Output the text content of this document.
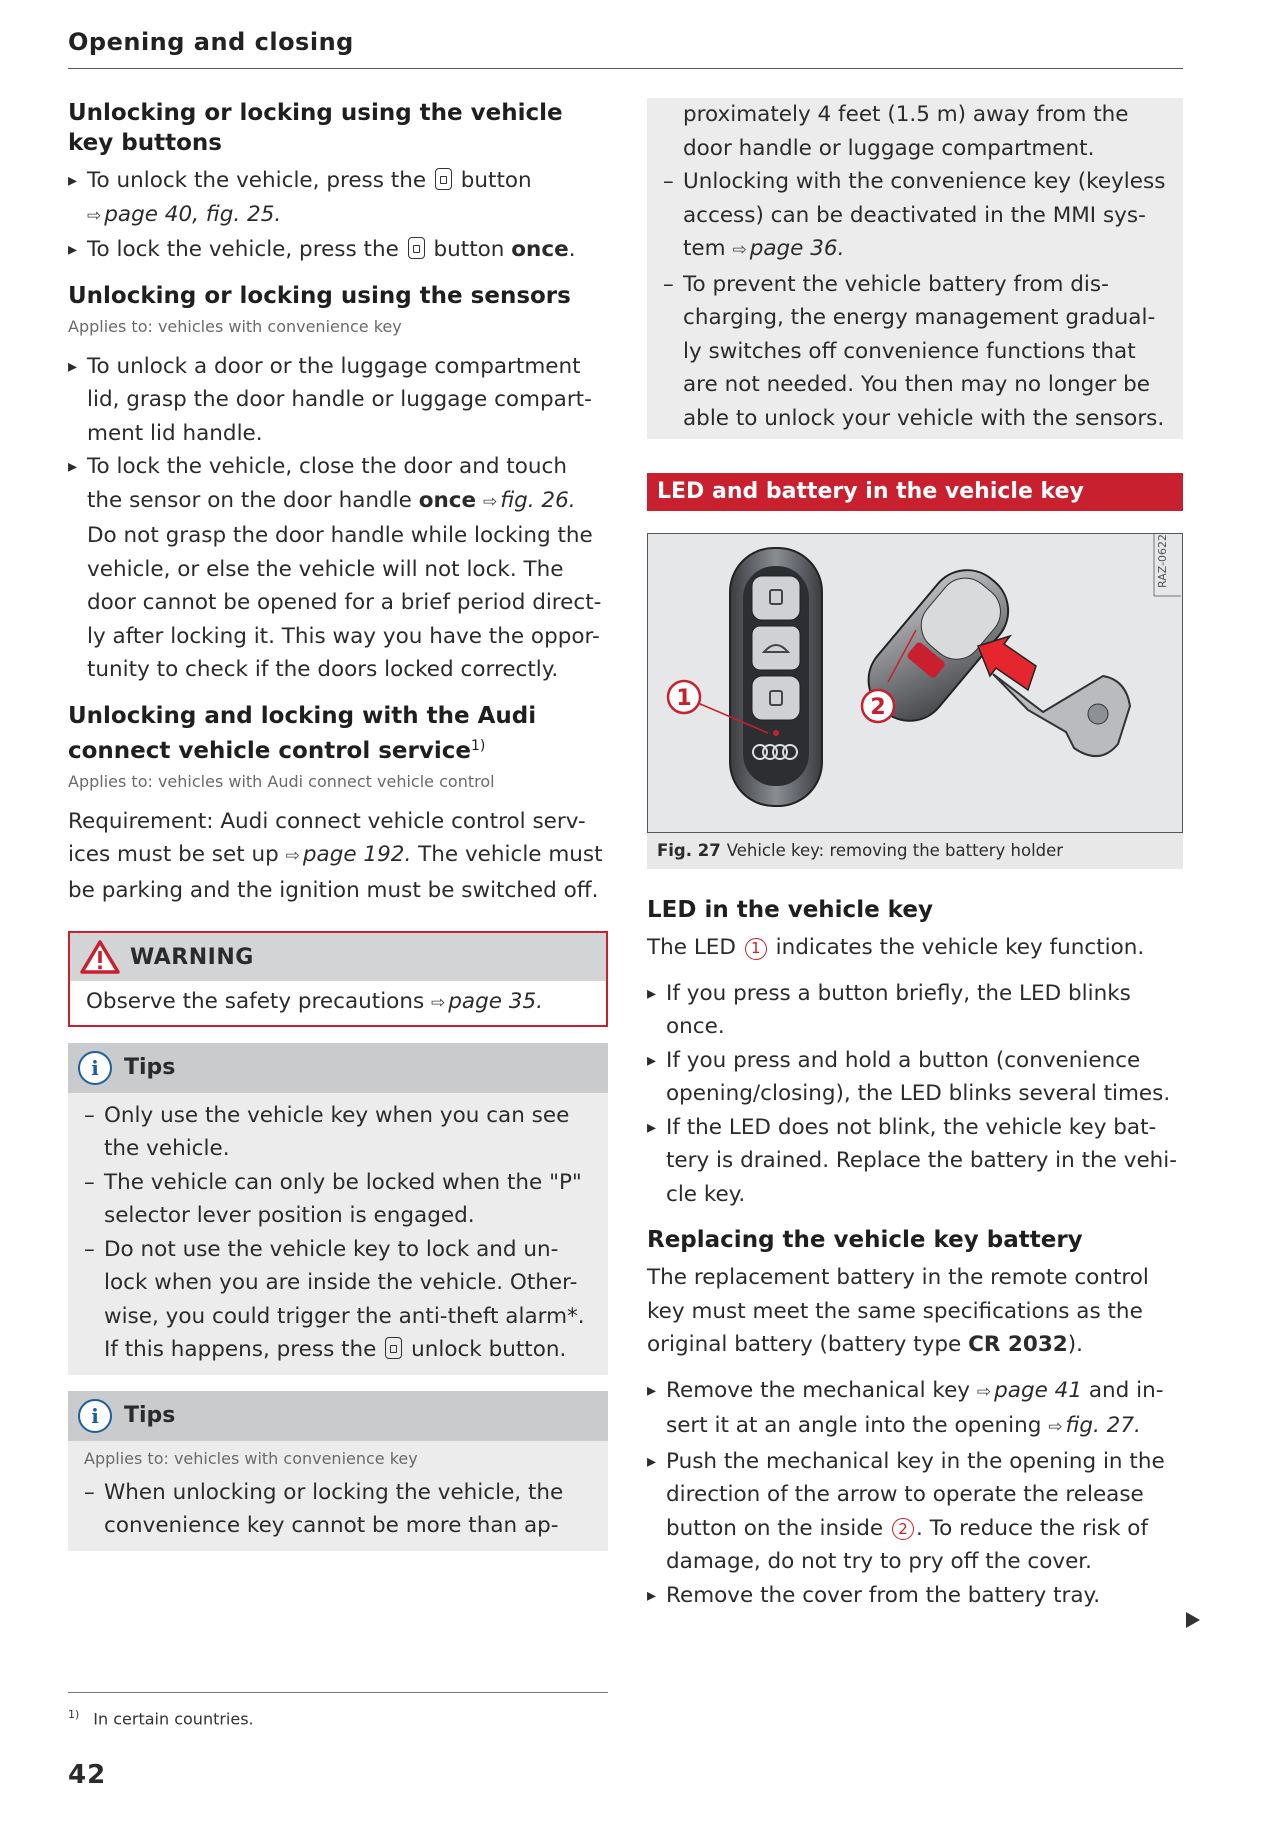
Opening and closing
Unlocking or locking using the vehicle key buttons
▸ To unlock the vehicle, press the button
⇨ page 40, fig. 25.
▸ To lock the vehicle, press the button once.
Unlocking or locking using the sensors
Applies to: vehicles with convenience key
▸ To unlock a door or the luggage compartment lid, grasp the door handle or luggage compart- ment lid handle.
▸ To lock the vehicle, close the door and touch the sensor on the door handle once ⇨ fig. 26. Do not grasp the door handle while locking the vehicle, or else the vehicle will not lock. The door cannot be opened for a brief period direct- ly after locking it. This way you have the oppor- tunity to check if the doors locked correctly.
Unlocking and locking with the Audi connect vehicle control service$^{1)}$
Applies to: vehicles with Audi connect vehicle control

Requirement: Audi connect vehicle control serv- ices must be set up ⇨ page 192. The vehicle must be parking and the ignition must be switched off.

WARNING
Observe the safety precautions ⇨ page 35.
i	Tips
– Only use the vehicle key when you can see the vehicle.
– The vehicle can only be locked when the "P" selector lever position is engaged.
– Do not use the vehicle key to lock and un- lock when you are inside the vehicle. Other- wise, you could trigger the anti-theft alarm*. If this happens, press the unlock button.
i	Tips
Applies to: vehicles with convenience key
– When unlocking or locking the vehicle, the convenience key cannot be more than ap-
– proximately 4 feet (1.5 m) away from the door handle or luggage compartment.
– Unlocking with the convenience key (keyless access) can be deactivated in the MMI sys- tem ⇨ page 36.
– To prevent the vehicle battery from dis- charging, the energy management gradual- ly switches off convenience functions that are not needed. You then may no longer be able to unlock your vehicle with the sensors.
LED and battery in the vehicle key
1	2
RAZ-0622
Fig. 27 Vehicle key: removing the battery holder
LED in the vehicle key

The LED 1 indicates the vehicle key function.

▸ If you press a button briefly, the LED blinks once.
▸ If you press and hold a button (convenience opening/closing), the LED blinks several times.
▸ If the LED does not blink, the vehicle key bat- tery is drained. Replace the battery in the vehi- cle key.
Replacing the vehicle key battery

The replacement battery in the remote control key must meet the same specifications as the original battery (battery type CR 2032).

▸ Remove the mechanical key ⇨ page 41 and in- sert it at an angle into the opening ⇨ fig. 27.
▸ Push the mechanical key in the opening in the direction of the arrow to operate the release button on the inside 2 . To reduce the risk of damage, do not try to pry off the cover.
▸ Remove the cover from the battery tray.
$^{1)}$ In certain countries.
42
